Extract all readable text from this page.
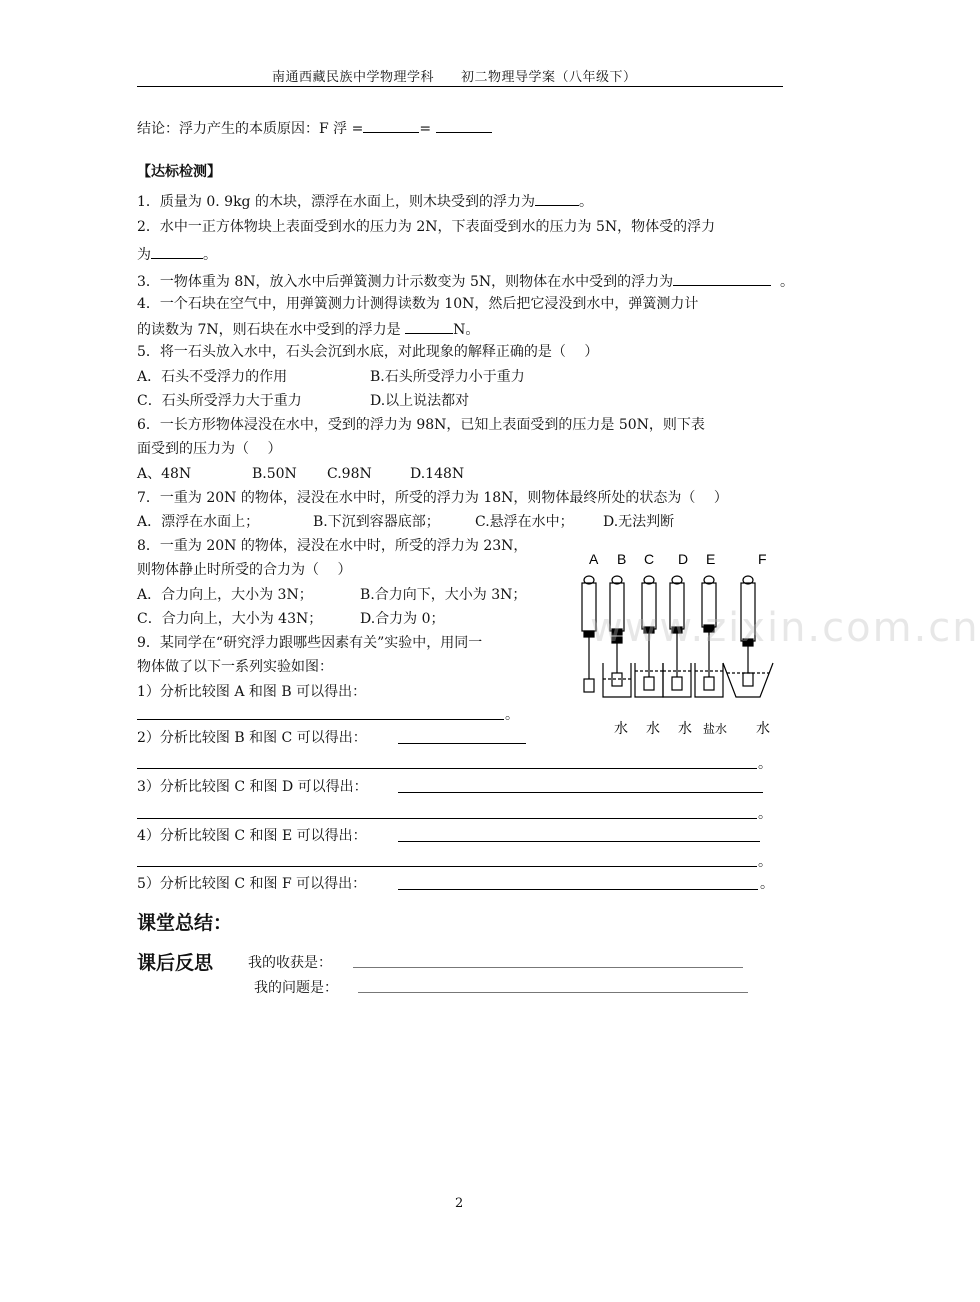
南通西藏民族中学物理学科　　初二物理导学案（八年级下）
结论：浮力产生的本质原因：F 浮 =	=
【达标检测】
1．质量为 0. 9kg 的木块，漂浮在水面上，则木块受到的浮力为	。
2．水中一正方体物块上表面受到水的压力为 2N，下表面受到水的压力为 5N，物体受的浮力
为	。
3．一物体重为 8N，放入水中后弹簧测力计示数变为 5N，则物体在水中受到的浮力为	。
4．一个石块在空气中，用弹簧测力计测得读数为 10N，然后把它浸没到水中，弹簧测力计
的读数为 7N，则石块在水中受到的浮力是	N。
5．将一石头放入水中，石头会沉到水底，对此现象的解释正确的是（　 ）
A．石头不受浮力的作用	B.石头所受浮力小于重力
C．石头所受浮力大于重力	D.以上说法都对
6．一长方形物体浸没在水中，受到的浮力为 98N，已知上表面受到的压力是 50N，则下表
面受到的压力为（　 ）
A、48N	B.50N C.98N	D.148N
7．一重为 20N 的物体，浸没在水中时，所受的浮力为 18N，则物体最终所处的状态为（　 ）
A．漂浮在水面上；	B.下沉到容器底部；	C.悬浮在水中； D.无法判断
8．一重为 20N 的物体，浸没在水中时，所受的浮力为 23N，
则物体静止时所受的合力为（　 ）
A．合力向上，大小为 3N；	B.合力向下，大小为 3N；
C．合力向上，大小为 43N；	D.合力为 0；
9．某同学在“研究浮力跟哪些因素有关”实验中，用同一
物体做了以下一系列实验如图：
1）分析比较图 A 和图 B 可以得出：
。
2）分析比较图 B 和图 C 可以得出：
。
3）分析比较图 C 和图 D 可以得出：
。
4）分析比较图 C 和图 E 可以得出：
。
5）分析比较图 C 和图 F 可以得出：	。
A B C D E	F
水 水 水 盐水 水
www.zixin.com.cn
课堂总结：
课后反思 我的收获是：
我的问题是：
2
